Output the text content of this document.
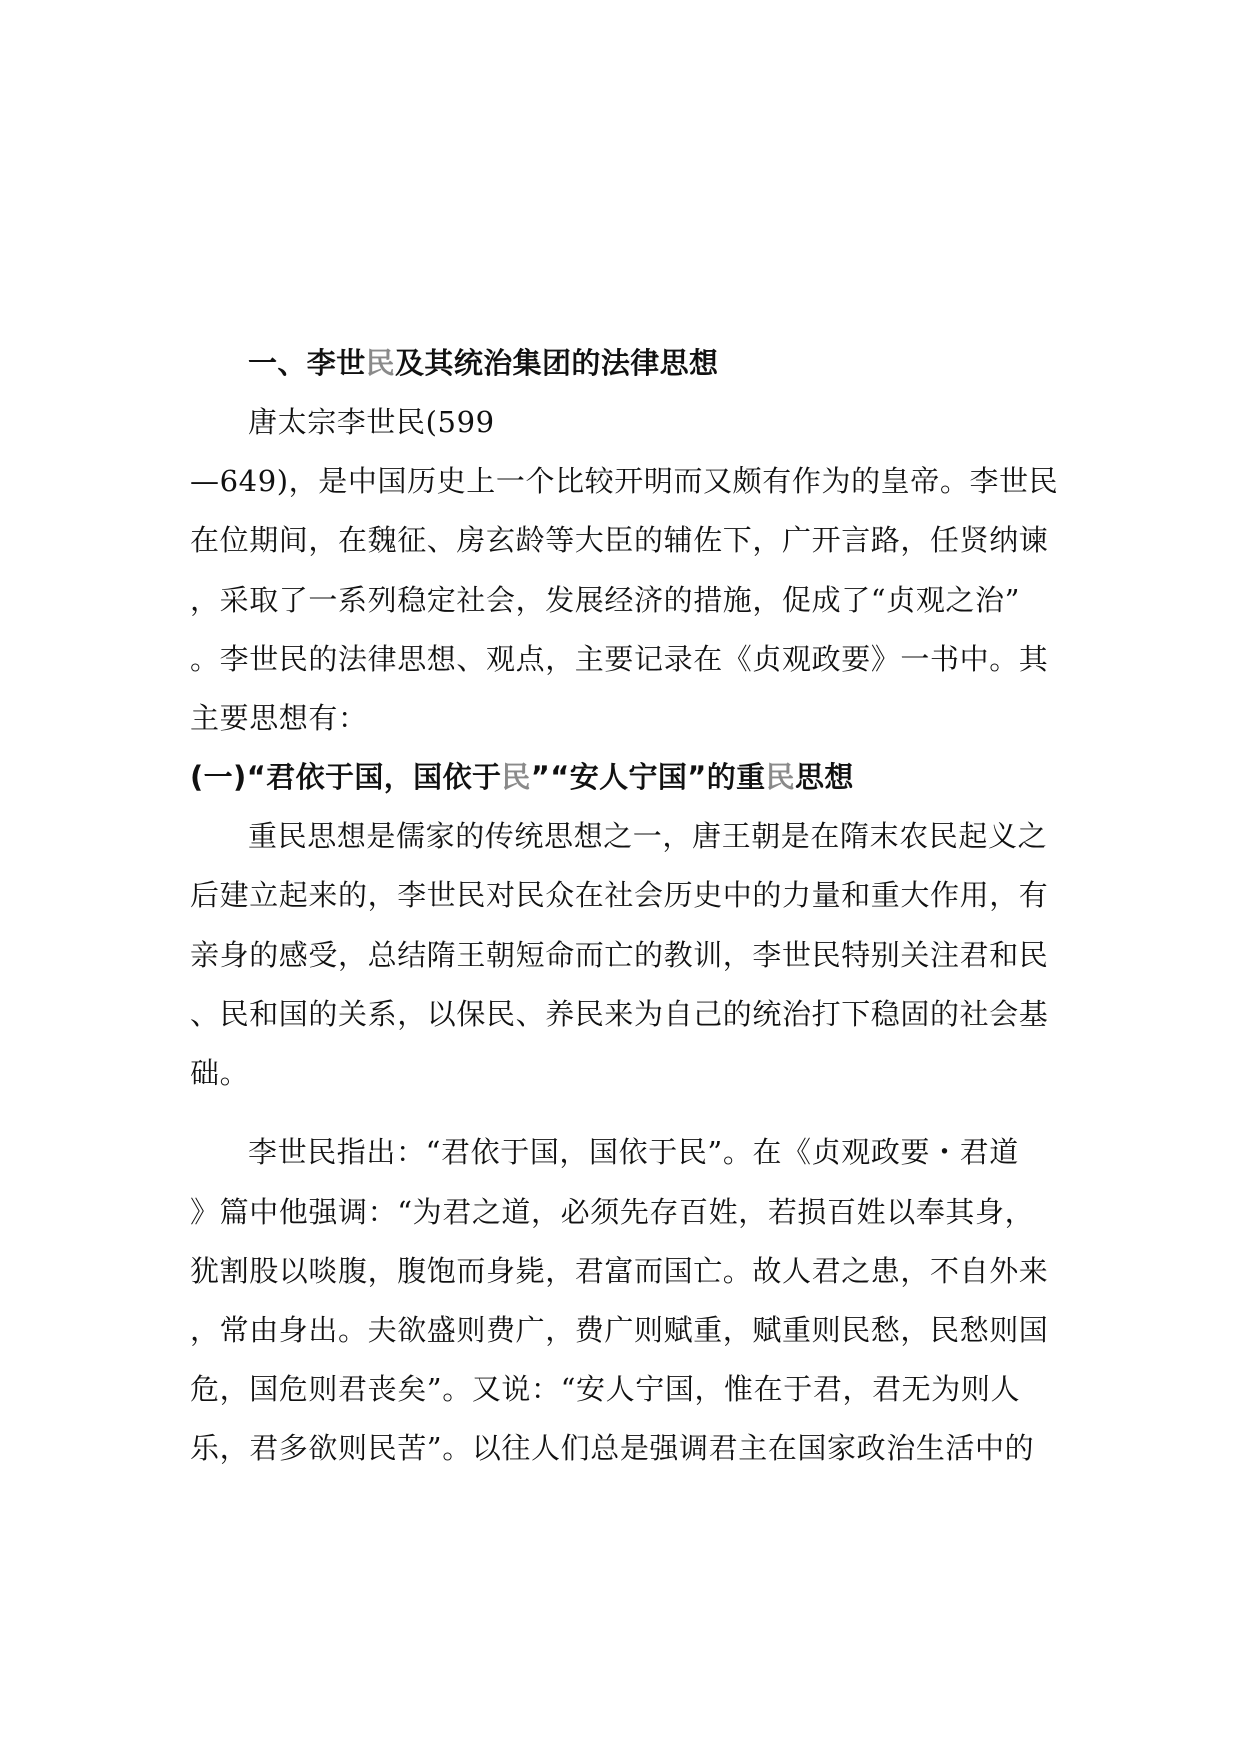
一、李世民及其统治集团的法律思想
唐太宗李世民(599
—649)，是中国历史上一个比较开明而又颇有作为的皇帝。李世民
在位期间，在魏征、房玄龄等大臣的辅佐下，广开言路，任贤纳谏
，采取了一系列稳定社会，发展经济的措施，促成了“贞观之治”
。李世民的法律思想、观点，主要记录在《贞观政要》一书中。其
主要思想有：
(一)“君依于国，国依于民”“安人宁国”的重民思想
重民思想是儒家的传统思想之一，唐王朝是在隋末农民起义之
后建立起来的，李世民对民众在社会历史中的力量和重大作用，有
亲身的感受，总结隋王朝短命而亡的教训，李世民特别关注君和民
、民和国的关系，以保民、养民来为自己的统治打下稳固的社会基
础。
李世民指出：“君依于国，国依于民”。在《贞观政要・君道
》篇中他强调：“为君之道，必须先存百姓，若损百姓以奉其身，
犹割股以啖腹，腹饱而身毙，君富而国亡。故人君之患，不自外来
，常由身出。夫欲盛则费广，费广则赋重，赋重则民愁，民愁则国
危，国危则君丧矣”。又说：“安人宁国，惟在于君，君无为则人
乐，君多欲则民苦”。以往人们总是强调君主在国家政治生活中的
